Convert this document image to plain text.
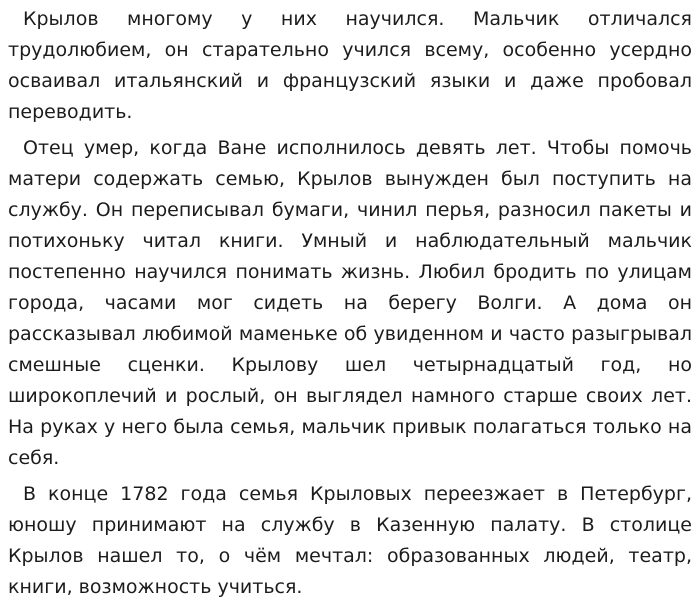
Крылов многому у них научился. Мальчик отличался трудолюбием, он старательно учился всему, особенно усердно осваивал итальянский и французский языки и даже пробовал переводить.

Отец умер, когда Ване исполнилось девять лет. Чтобы помочь матери содержать семью, Крылов вынужден был поступить на службу. Он переписывал бумаги, чинил перья, разносил пакеты и потихоньку читал книги. Умный и наблюдательный мальчик постепенно научился понимать жизнь. Любил бродить по улицам города, часами мог сидеть на берегу Волги. А дома он рассказывал любимой маменьке об увиденном и часто разыгрывал смешные сценки. Крылову шел четырнадцатый год, но широкоплечий и рослый, он выглядел намного старше своих лет. На руках у него была семья, мальчик привык полагаться только на себя.

В конце 1782 года семья Крыловых переезжает в Петербург, юношу принимают на службу в Казенную палату. В столице Крылов нашел то, о чём мечтал: образованных людей, театр, книги, возможность учиться.
